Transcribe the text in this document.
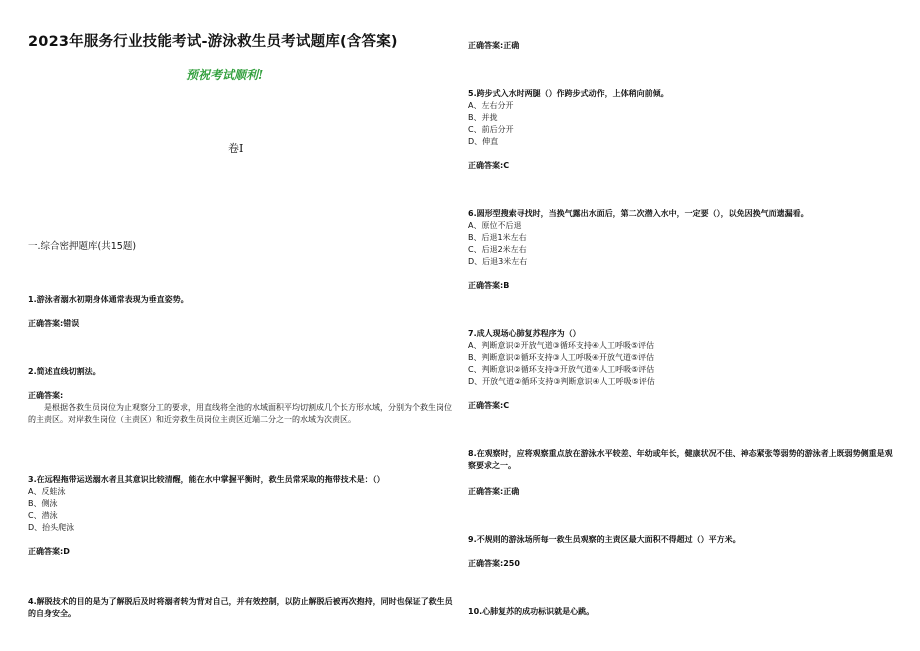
2023年服务行业技能考试-游泳救生员考试题库(含答案)
预祝考试顺利!
卷I
一.综合密押题库(共15题)
1.游泳者溺水初期身体通常表现为垂直姿势。
正确答案:错误
2.简述直线切割法。
正确答案:
是根据各救生员岗位为止观察分工的要求，用直线将全池的水域面积平均切割成几个长方形水域，分别为个救生岗位的主责区。对岸救生岗位（主责区）和近旁救生员岗位主责区近端二分之一的水域为次责区。
3.在远程拖带运送溺水者且其意识比较清醒，能在水中掌握平衡时，救生员常采取的拖带技术是：（）
A、反蛙泳
B、侧泳
C、潜泳
D、抬头爬泳
正确答案:D
4.解脱技术的目的是为了解脱后及时将溺者转为背对自己，并有效控制，以防止解脱后被再次抱持，同时也保证了救生员的自身安全。
正确答案:正确
5.跨步式入水时两腿（）作跨步式动作，上体稍向前倾。
A、左右分开
B、并拢
C、前后分开
D、伸直
正确答案:C
6.圆形型搜索寻找时，当换气露出水面后，第二次潜入水中，一定要（），以免因换气而遗漏看。
A、原位不后退
B、后退1米左右
C、后退2米左右
D、后退3米左右
正确答案:B
7.成人现场心肺复苏程序为（）
A、判断意识②开放气道③循环支持④人工呼吸⑤评估
B、判断意识②循环支持③人工呼吸④开放气道⑤评估
C、判断意识②循环支持③开放气道④人工呼吸⑤评估
D、开放气道②循环支持③判断意识④人工呼吸⑤评估
正确答案:C
8.在观察时，应将观察重点放在游泳水平较差、年幼或年长，健康状况不佳、神态紧张等弱势的游泳者上既弱势侧重是观察要求之一。
正确答案:正确
9.不规则的游泳场所每一救生员观察的主责区最大面积不得超过（）平方米。
正确答案:250
10.心肺复苏的成功标识就是心跳。
